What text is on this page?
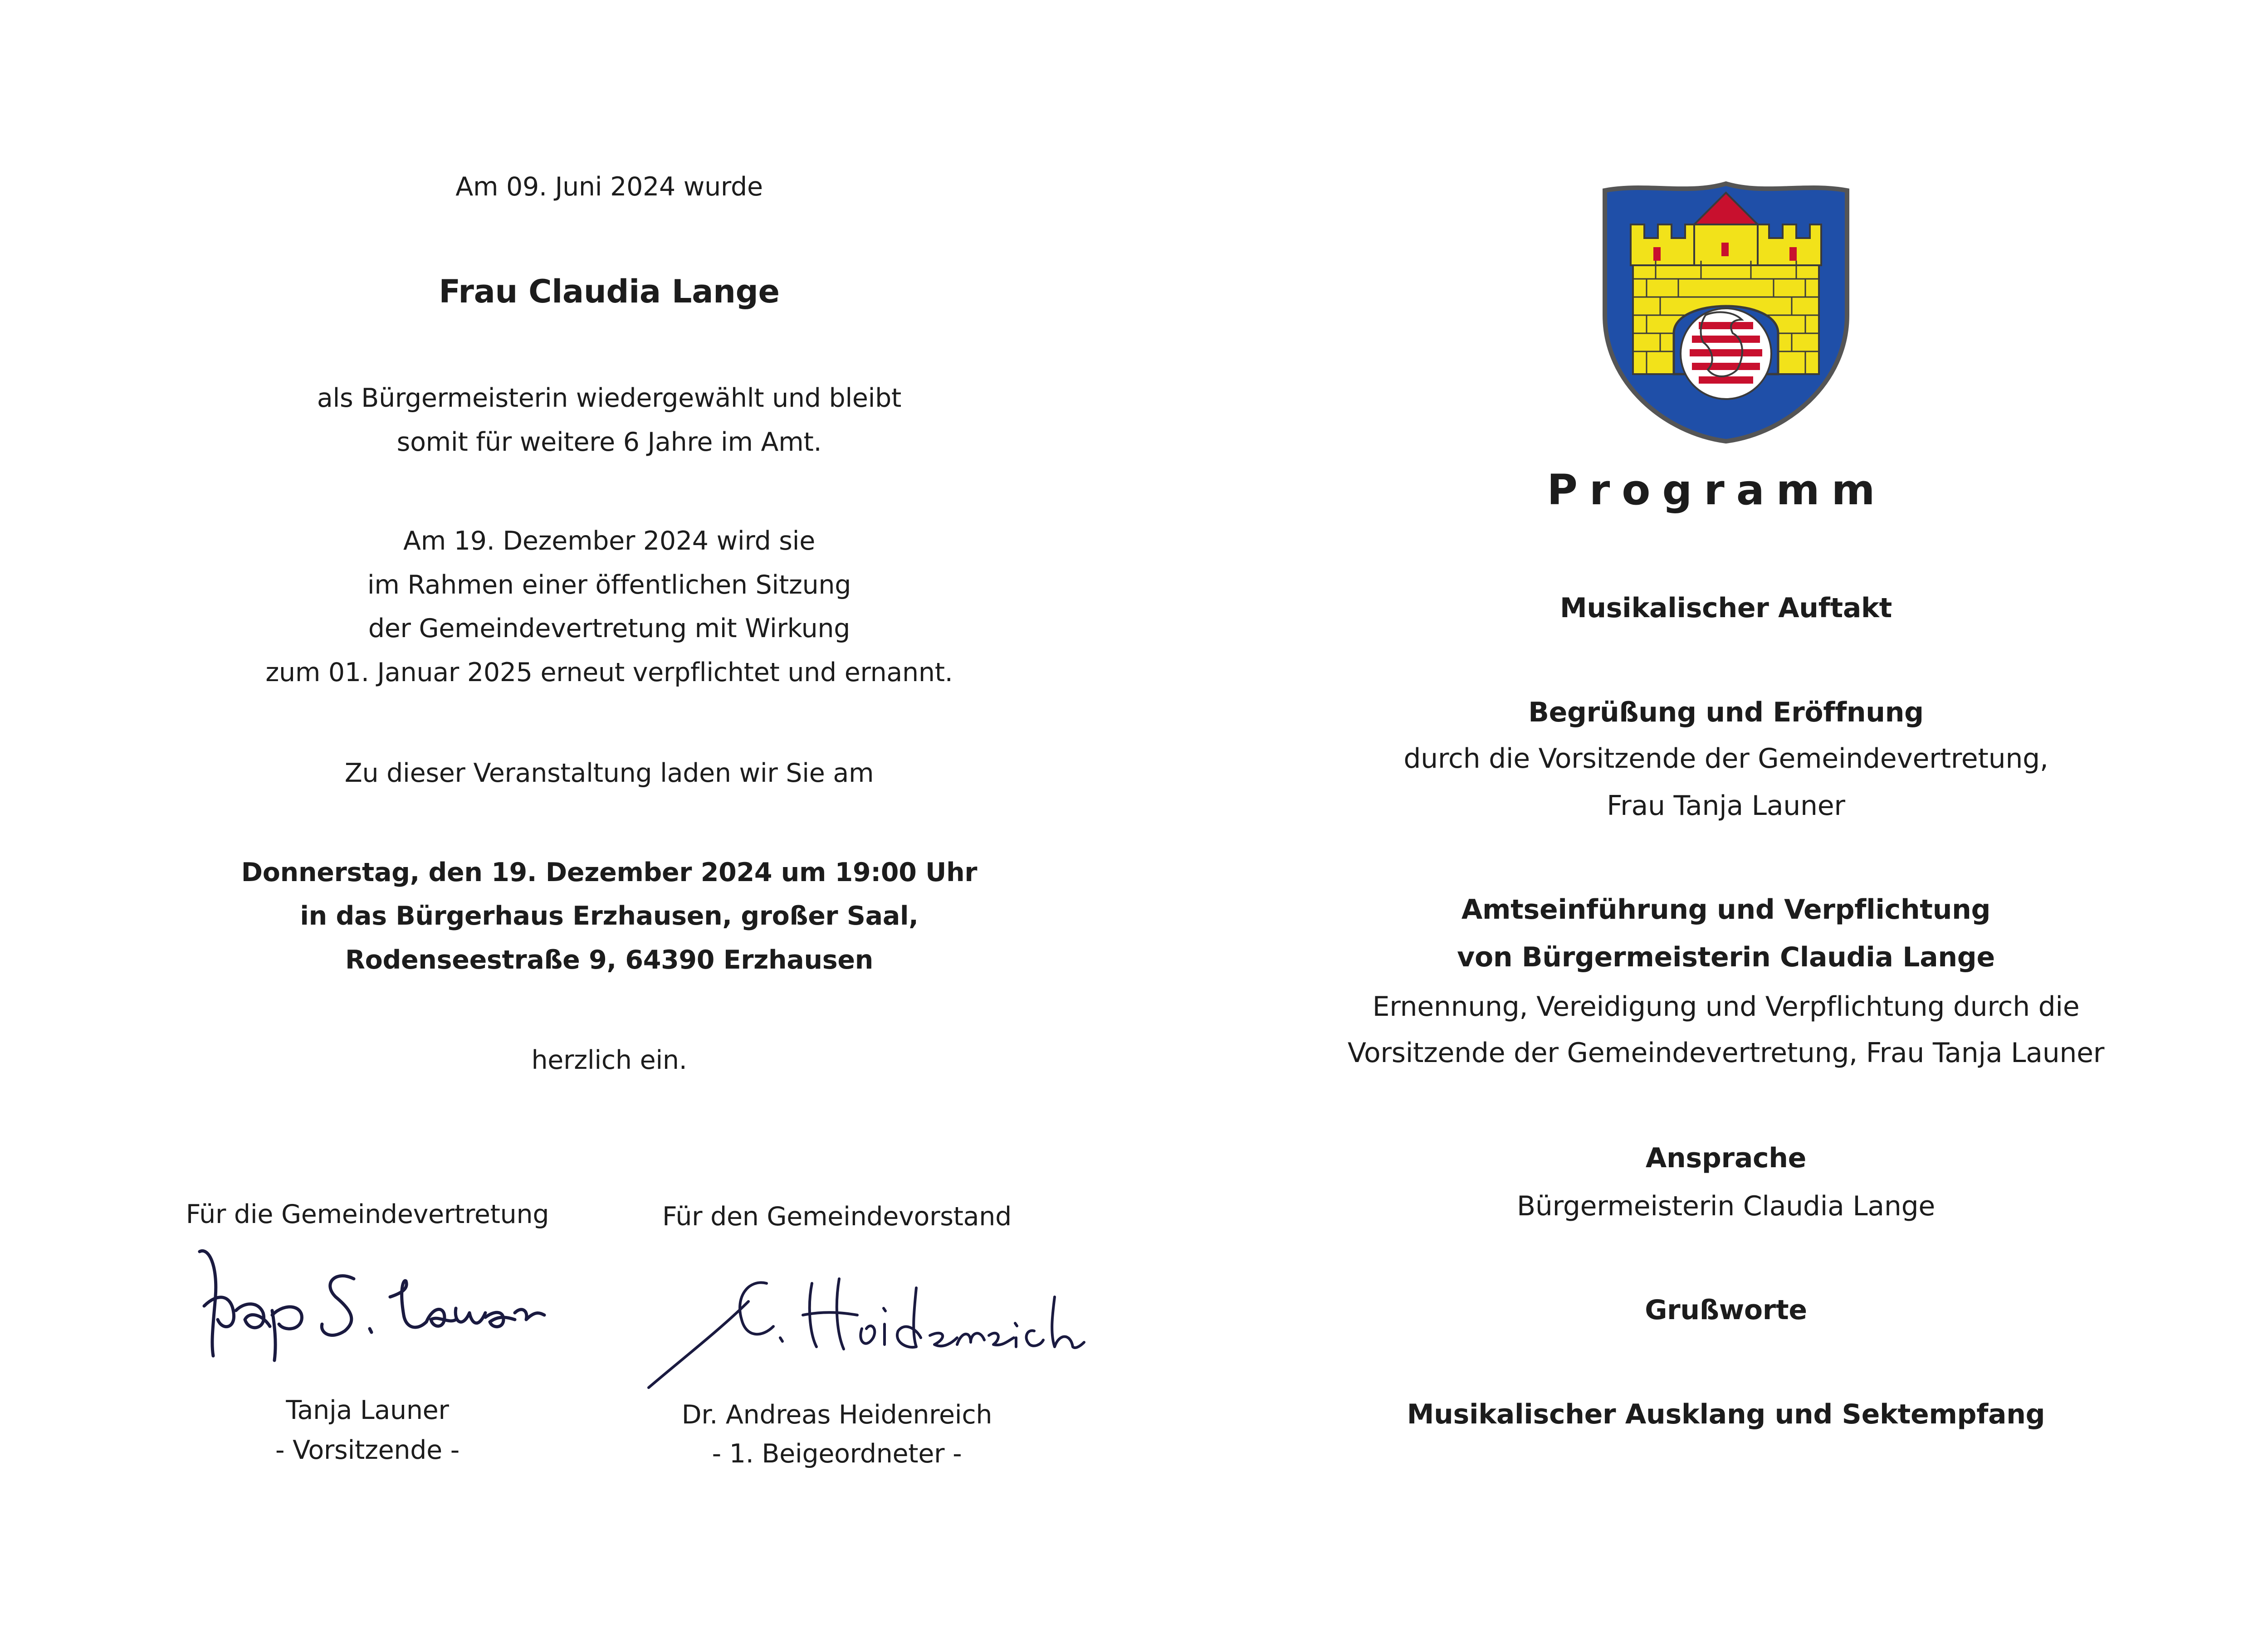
Am 09. Juni 2024 wurde
Frau Claudia Lange
als Bürgermeisterin wiedergewählt und bleibt
somit für weitere 6 Jahre im Amt.
Am 19. Dezember 2024 wird sie
im Rahmen einer öffentlichen Sitzung
der Gemeindevertretung mit Wirkung
zum 01. Januar 2025 erneut verpflichtet und ernannt.
Zu dieser Veranstaltung laden wir Sie am
Donnerstag, den 19. Dezember 2024 um 19:00 Uhr
in das Bürgerhaus Erzhausen, großer Saal,
Rodenseestraße 9, 64390 Erzhausen
herzlich ein.
Für die Gemeindevertretung
Tanja Launer
- Vorsitzende -
Für den Gemeindevorstand
Dr. Andreas Heidenreich
- 1. Beigeordneter -
Programm
Musikalischer Auftakt
Begrüßung und Eröffnung
durch die Vorsitzende der Gemeindevertretung,
Frau Tanja Launer
Amtseinführung und Verpflichtung
von Bürgermeisterin Claudia Lange
Ernennung, Vereidigung und Verpflichtung durch die
Vorsitzende der Gemeindevertretung, Frau Tanja Launer
Ansprache
Bürgermeisterin Claudia Lange
Grußworte
Musikalischer Ausklang und Sektempfang
